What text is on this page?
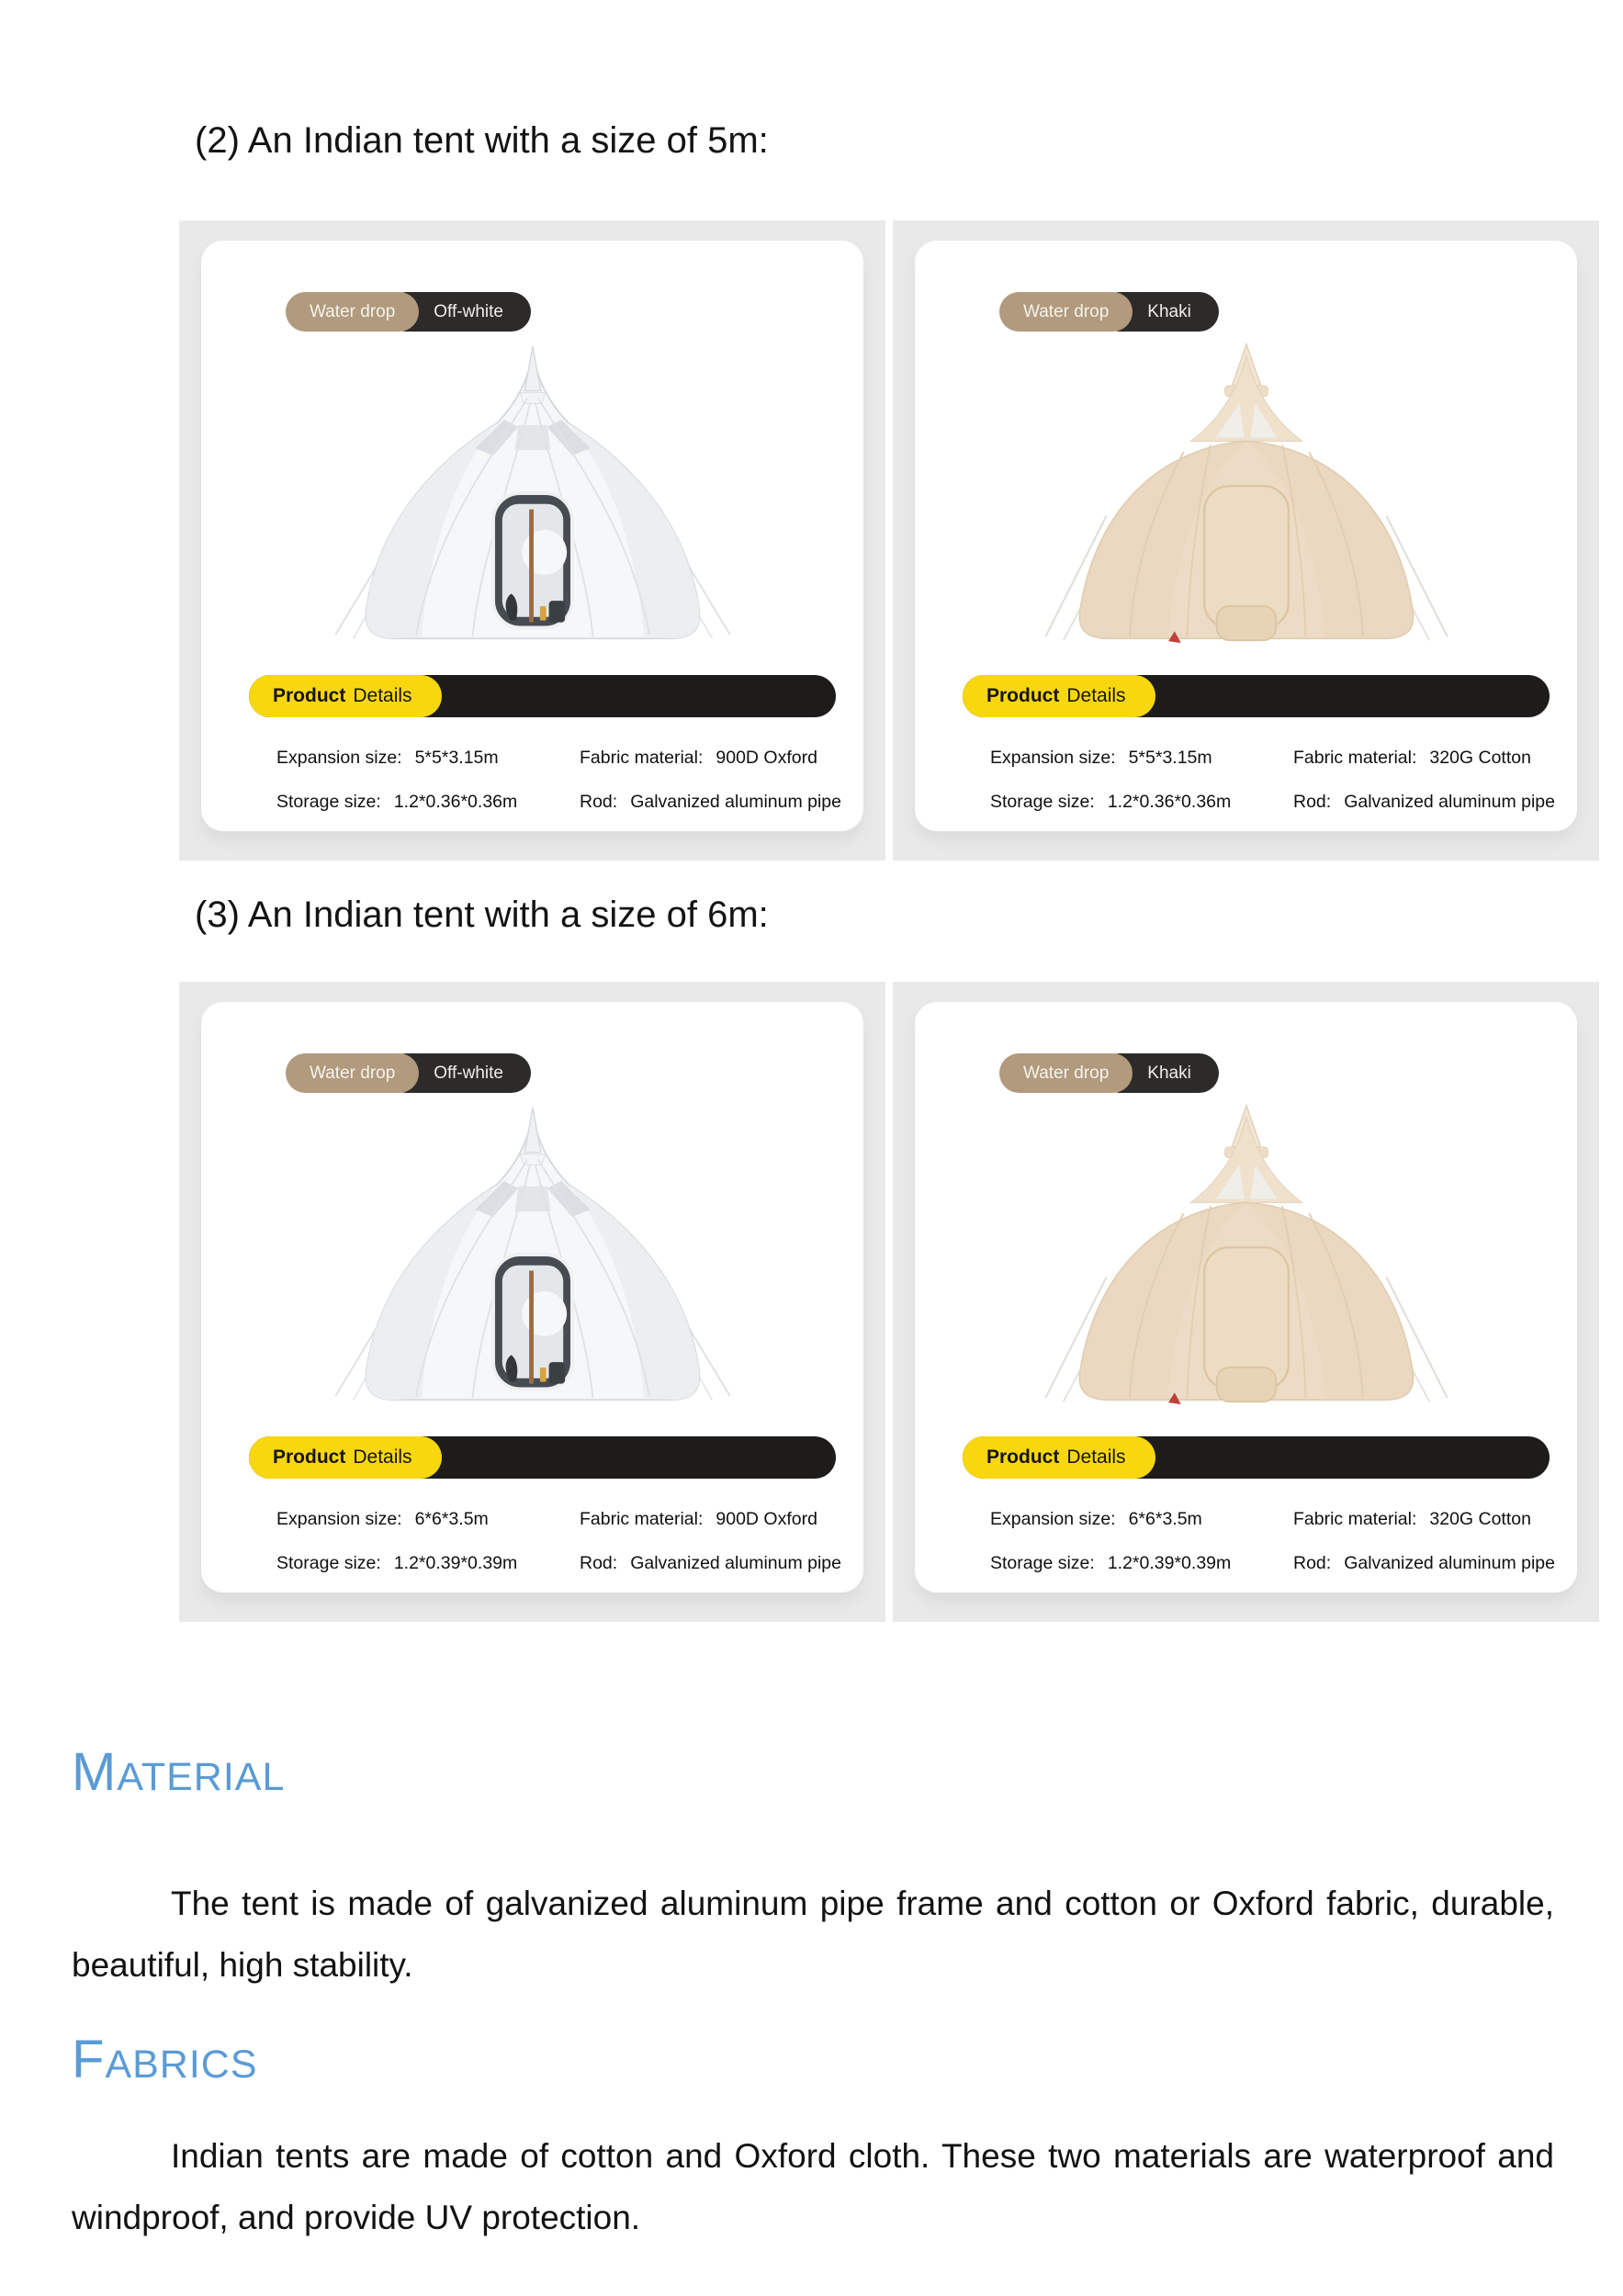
(2) An Indian tent with a size of 5m:
Water drop	Off-white
Product Details
Expansion size: 5*5*3.15m	Fabric material: 900D Oxford
Storage size: 1.2*0.36*0.36m	Rod: Galvanized aluminum pipe
Water drop	Khaki
Product Details
Expansion size: 5*5*3.15m	Fabric material: 320G Cotton
Storage size: 1.2*0.36*0.36m	Rod: Galvanized aluminum pipe
(3) An Indian tent with a size of 6m:
Water drop	Off-white
Product Details
Expansion size: 6*6*3.5m	Fabric material: 900D Oxford
Storage size: 1.2*0.39*0.39m	Rod: Galvanized aluminum pipe
Water drop	Khaki
Product Details
Expansion size: 6*6*3.5m	Fabric material: 320G Cotton
Storage size: 1.2*0.39*0.39m	Rod: Galvanized aluminum pipe
MATERIAL
The tent is made of galvanized aluminum pipe frame and cotton or Oxford fabric, durable, beautiful, high stability.
FABRICS
Indian tents are made of cotton and Oxford cloth. These two materials are waterproof and windproof, and provide UV protection.
